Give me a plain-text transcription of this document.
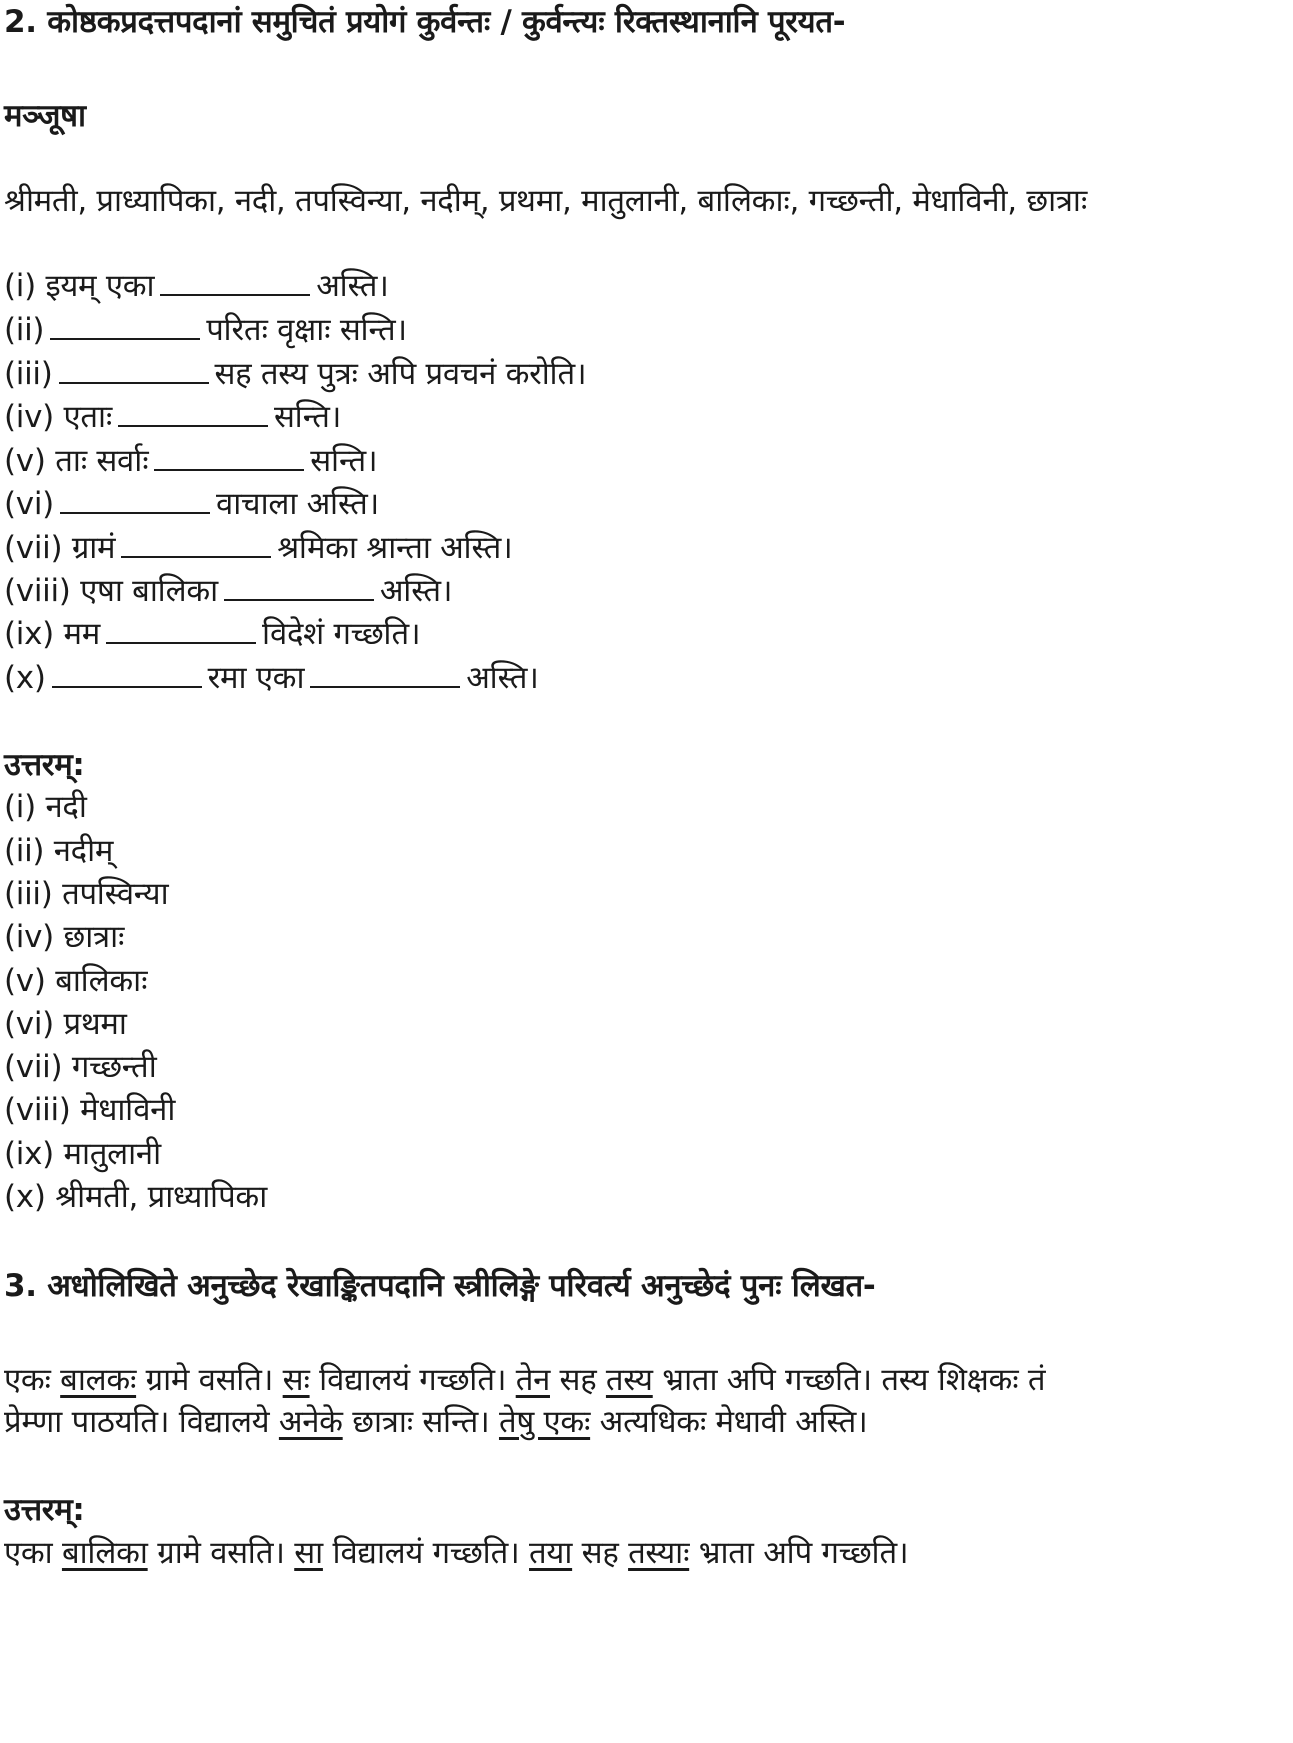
2. कोष्ठकप्रदत्तपदानां समुचितं प्रयोगं कुर्वन्तः / कुर्वन्त्यः रिक्तस्थानानि पूरयत-
मञ्जूषा
श्रीमती, प्राध्यापिका, नदी, तपस्विन्या, नदीम्, प्रथमा, मातुलानी, बालिकाः, गच्छन्ती, मेधाविनी, छात्राः
(i) इयम् एका	अस्ति।
(ii)	परितः वृक्षाः सन्ति।
(iii)	सह तस्य पुत्रः अपि प्रवचनं करोति।
(iv) एताः	सन्ति।
(v) ताः सर्वाः	सन्ति।
(vi)	वाचाला अस्ति।
(vii) ग्रामं	श्रमिका श्रान्ता अस्ति।
(viii) एषा बालिका	अस्ति।
(ix) मम	विदेशं गच्छति।
(x)	रमा एका	अस्ति।
उत्तरम्:
(i) नदी
(ii) नदीम्
(iii) तपस्विन्या
(iv) छात्राः
(v) बालिकाः
(vi) प्रथमा
(vii) गच्छन्ती
(viii) मेधाविनी
(ix) मातुलानी
(x) श्रीमती, प्राध्यापिका
3. अधोलिखिते अनुच्छेद रेखाङ्कितपदानि स्त्रीलिङ्गे परिवर्त्य अनुच्छेदं पुनः लिखत-
एकः बालकः ग्रामे वसति। सः विद्यालयं गच्छति। तेन सह तस्य भ्राता अपि गच्छति। तस्य शिक्षकः तं
प्रेम्णा पाठयति। विद्यालये अनेके छात्राः सन्ति। तेषु एकः अत्यधिकः मेधावी अस्ति।
उत्तरम्:
एका बालिका ग्रामे वसति। सा विद्यालयं गच्छति। तया सह तस्याः भ्राता अपि गच्छति।
